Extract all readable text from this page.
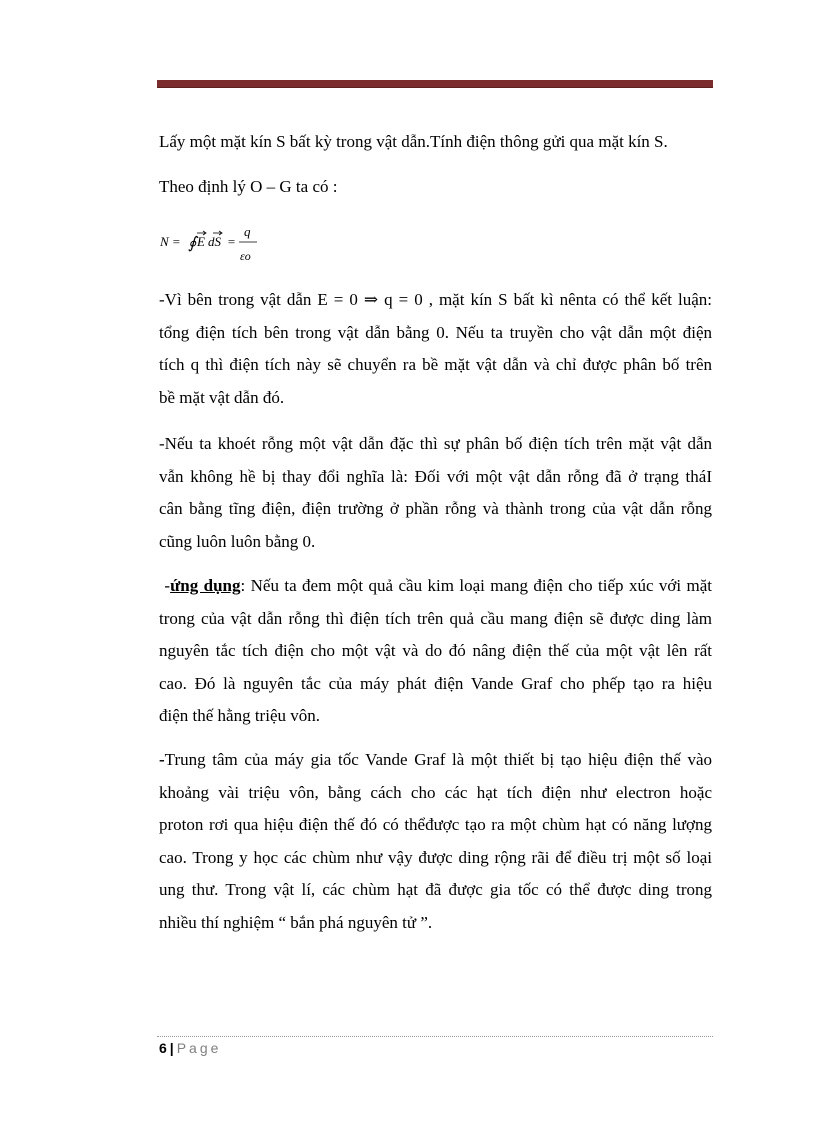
Lấy một mặt kín S bất kỳ trong vật dẫn.Tính điện thông gửi qua mặt kín S.
Theo định lý O – G ta có :
N = ∮ E dS =
q
εo
-Vì bên trong vật dẫn E = 0 ⇒ q = 0 , mặt kín S bất kì nênta có thể kết luận:
tổng điện tích bên trong vật dẫn bằng 0. Nếu ta truyền cho vật dẫn một điện
tích q thì điện tích này sẽ chuyển ra bề mặt vật dẫn và chỉ được phân bố trên
bề mặt vật dẫn đó.
-Nếu ta khoét rỗng một vật dẫn đặc thì sự phân bố điện tích trên mặt vật dẫn
vẫn không hề bị thay đổi nghĩa là: Đối với một vật dẫn rỗng đã ở trạng tháI
cân bằng tĩng điện, điện trường ở phần rỗng và thành trong của vật dẫn rỗng
cũng luôn luôn bằng 0.
-ứng dụng: Nếu ta đem một quả cầu kim loại mang điện cho tiếp xúc với mặt
trong của vật dẫn rỗng thì điện tích trên quả cầu mang điện sẽ được ding làm
nguyên tắc tích điện cho một vật và do đó nâng điện thế của một vật lên rất
cao. Đó là nguyên tắc của máy phát điện Vande Graf cho phếp tạo ra hiệu
điện thế hằng triệu vôn.
-Trung tâm của máy gia tốc Vande Graf là một thiết bị tạo hiệu điện thế vào
khoảng vài triệu vôn, bằng cách cho các hạt tích điện như electron hoặc
proton rơi qua hiệu điện thế đó có thểđược tạo ra một chùm hạt có năng lượng
cao. Trong y học các chùm như vậy được ding rộng rãi để điều trị một số loại
ung thư. Trong vật lí, các chùm hạt đã được gia tốc có thể được ding trong
nhiều thí nghiệm “ bắn phá nguyên tử ”.
6 | Page
